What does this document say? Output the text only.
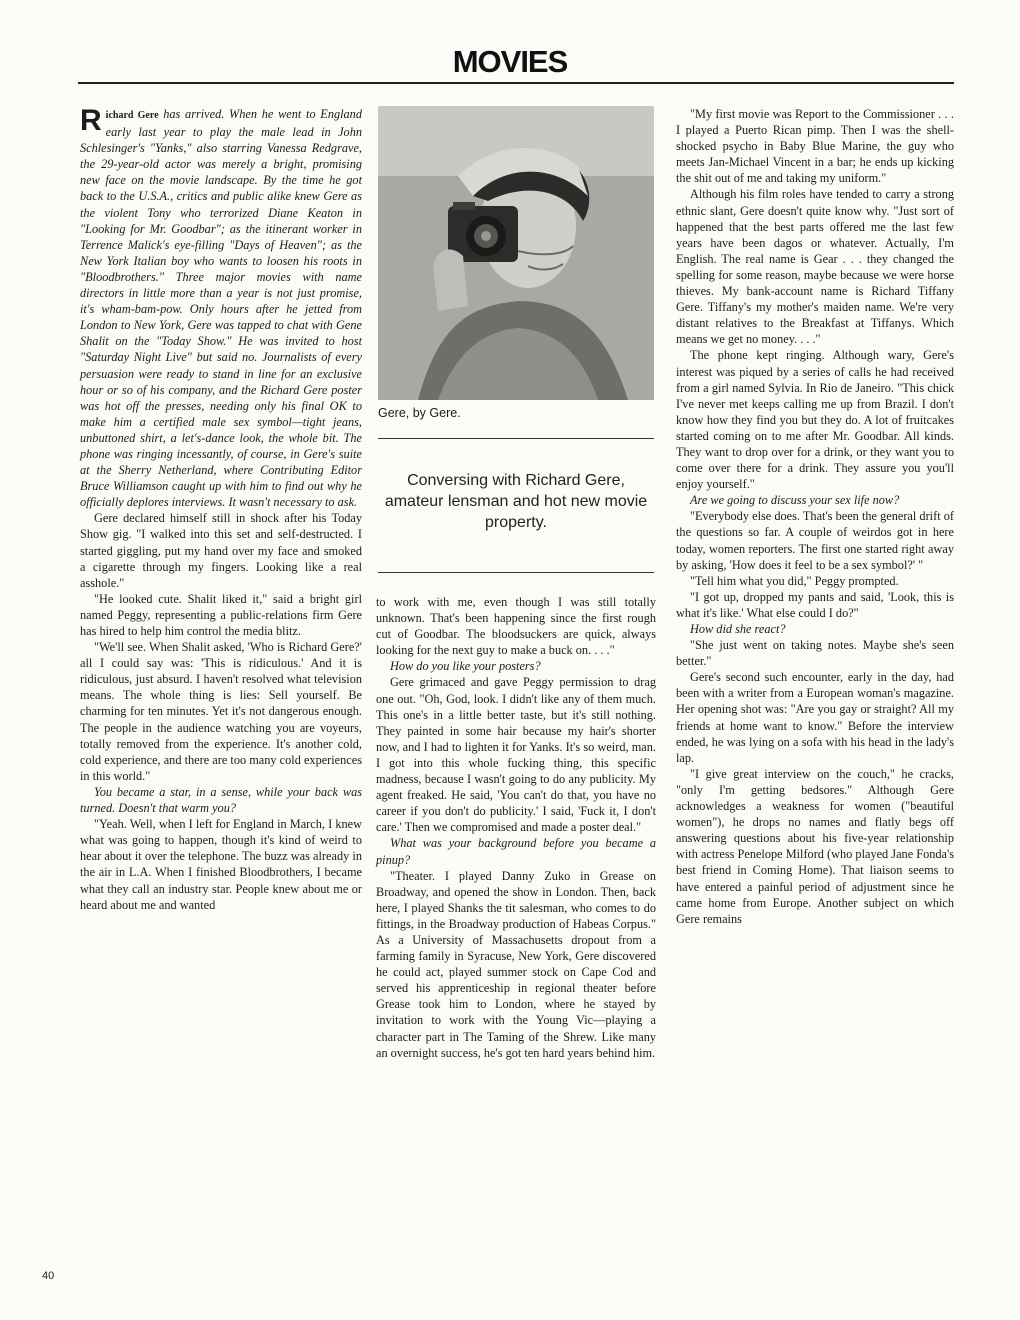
MOVIES

Richard Gere has arrived. When he went to England early last year to play the male lead in John Schlesinger's "Yanks," also starring Vanessa Redgrave, the 29-year-old actor was merely a bright, promising new face on the movie landscape. By the time he got back to the U.S.A., critics and public alike knew Gere as the violent Tony who terrorized Diane Keaton in "Looking for Mr. Goodbar"; as the itinerant worker in Terrence Malick's eye-filling "Days of Heaven"; as the New York Italian boy who wants to loosen his roots in "Bloodbrothers." Three major movies with name directors in little more than a year is not just promise, it's wham-bam-pow. Only hours after he jetted from London to New York, Gere was tapped to chat with Gene Shalit on the "Today Show." He was invited to host "Saturday Night Live" but said no. Journalists of every persuasion were ready to stand in line for an exclusive hour or so of his company, and the Richard Gere poster was hot off the presses, needing only his final OK to make him a certified male sex symbol—tight jeans, unbuttoned shirt, a let's-dance look, the whole bit. The phone was ringing incessantly, of course, in Gere's suite at the Sherry Netherland, where Contributing Editor Bruce Williamson caught up with him to find out why he officially deplores interviews. It wasn't necessary to ask.

Gere declared himself still in shock after his Today Show gig. "I walked into this set and self-destructed. I started giggling, put my hand over my face and smoked a cigarette through my fingers. Looking like a real asshole."

"He looked cute. Shalit liked it," said a bright girl named Peggy, representing a public-relations firm Gere has hired to help him control the media blitz.

"We'll see. When Shalit asked, 'Who is Richard Gere?' all I could say was: 'This is ridiculous.' And it is ridiculous, just absurd. I haven't resolved what television means. The whole thing is lies: Sell yourself. Be charming for ten minutes. Yet it's not dangerous enough. The people in the audience watching you are voyeurs, totally removed from the experience. It's another cold, cold experience, and there are too many cold experiences in this world."

You became a star, in a sense, while your back was turned. Doesn't that warm you?

"Yeah. Well, when I left for England in March, I knew what was going to happen, though it's kind of weird to hear about it over the telephone. The buzz was already in the air in L.A. When I finished Bloodbrothers, I became what they call an industry star. People knew about me or heard about me and wanted

Gere, by Gere.
Conversing with Richard Gere, amateur lensman and hot new movie property.

to work with me, even though I was still totally unknown. That's been happening since the first rough cut of Goodbar. The bloodsuckers are quick, always looking for the next guy to make a buck on. . . ."

How do you like your posters?

Gere grimaced and gave Peggy permission to drag one out. "Oh, God, look. I didn't like any of them much. This one's in a little better taste, but it's still nothing. They painted in some hair because my hair's shorter now, and I had to lighten it for Yanks. It's so weird, man. I got into this whole fucking thing, this specific madness, because I wasn't going to do any publicity. My agent freaked. He said, 'You can't do that, you have no career if you don't do publicity.' I said, 'Fuck it, I don't care.' Then we compromised and made a poster deal."

What was your background before you became a pinup?

"Theater. I played Danny Zuko in Grease on Broadway, and opened the show in London. Then, back here, I played Shanks the tit salesman, who comes to do fittings, in the Broadway production of Habeas Corpus." As a University of Massachusetts dropout from a farming family in Syracuse, New York, Gere discovered he could act, played summer stock on Cape Cod and served his apprenticeship in regional theater before Grease took him to London, where he stayed by invitation to work with the Young Vic—playing a character part in The Taming of the Shrew. Like many an overnight success, he's got ten hard years behind him.

"My first movie was Report to the Commissioner . . . I played a Puerto Rican pimp. Then I was the shell-shocked psycho in Baby Blue Marine, the guy who meets Jan-Michael Vincent in a bar; he ends up kicking the shit out of me and taking my uniform."

Although his film roles have tended to carry a strong ethnic slant, Gere doesn't quite know why. "Just sort of happened that the best parts offered me the last few years have been dagos or whatever. Actually, I'm English. The real name is Gear . . . they changed the spelling for some reason, maybe because we were horse thieves. My bank-account name is Richard Tiffany Gere. Tiffany's my mother's maiden name. We're very distant relatives to the Breakfast at Tiffanys. Which means we get no money. . . ."

The phone kept ringing. Although wary, Gere's interest was piqued by a series of calls he had received from a girl named Sylvia. In Rio de Janeiro. "This chick I've never met keeps calling me up from Brazil. I don't know how they find you but they do. A lot of fruitcakes started coming on to me after Mr. Goodbar. All kinds. They want to drop over for a drink, or they want you to come over there for a drink. They assure you you'll enjoy yourself."

Are we going to discuss your sex life now?

"Everybody else does. That's been the general drift of the questions so far. A couple of weirdos got in here today, women reporters. The first one started right away by asking, 'How does it feel to be a sex symbol?' "

"Tell him what you did," Peggy prompted.

"I got up, dropped my pants and said, 'Look, this is what it's like.' What else could I do?"

How did she react?

"She just went on taking notes. Maybe she's seen better."

Gere's second such encounter, early in the day, had been with a writer from a European woman's magazine. Her opening shot was: "Are you gay or straight? All my friends at home want to know." Before the interview ended, he was lying on a sofa with his head in the lady's lap.

"I give great interview on the couch," he cracks, "only I'm getting bedsores." Although Gere acknowledges a weakness for women ("beautiful women"), he drops no names and flatly begs off answering questions about his five-year relationship with actress Penelope Milford (who played Jane Fonda's best friend in Coming Home). That liaison seems to have entered a painful period of adjustment since he came home from Europe. Another subject on which Gere remains

40
